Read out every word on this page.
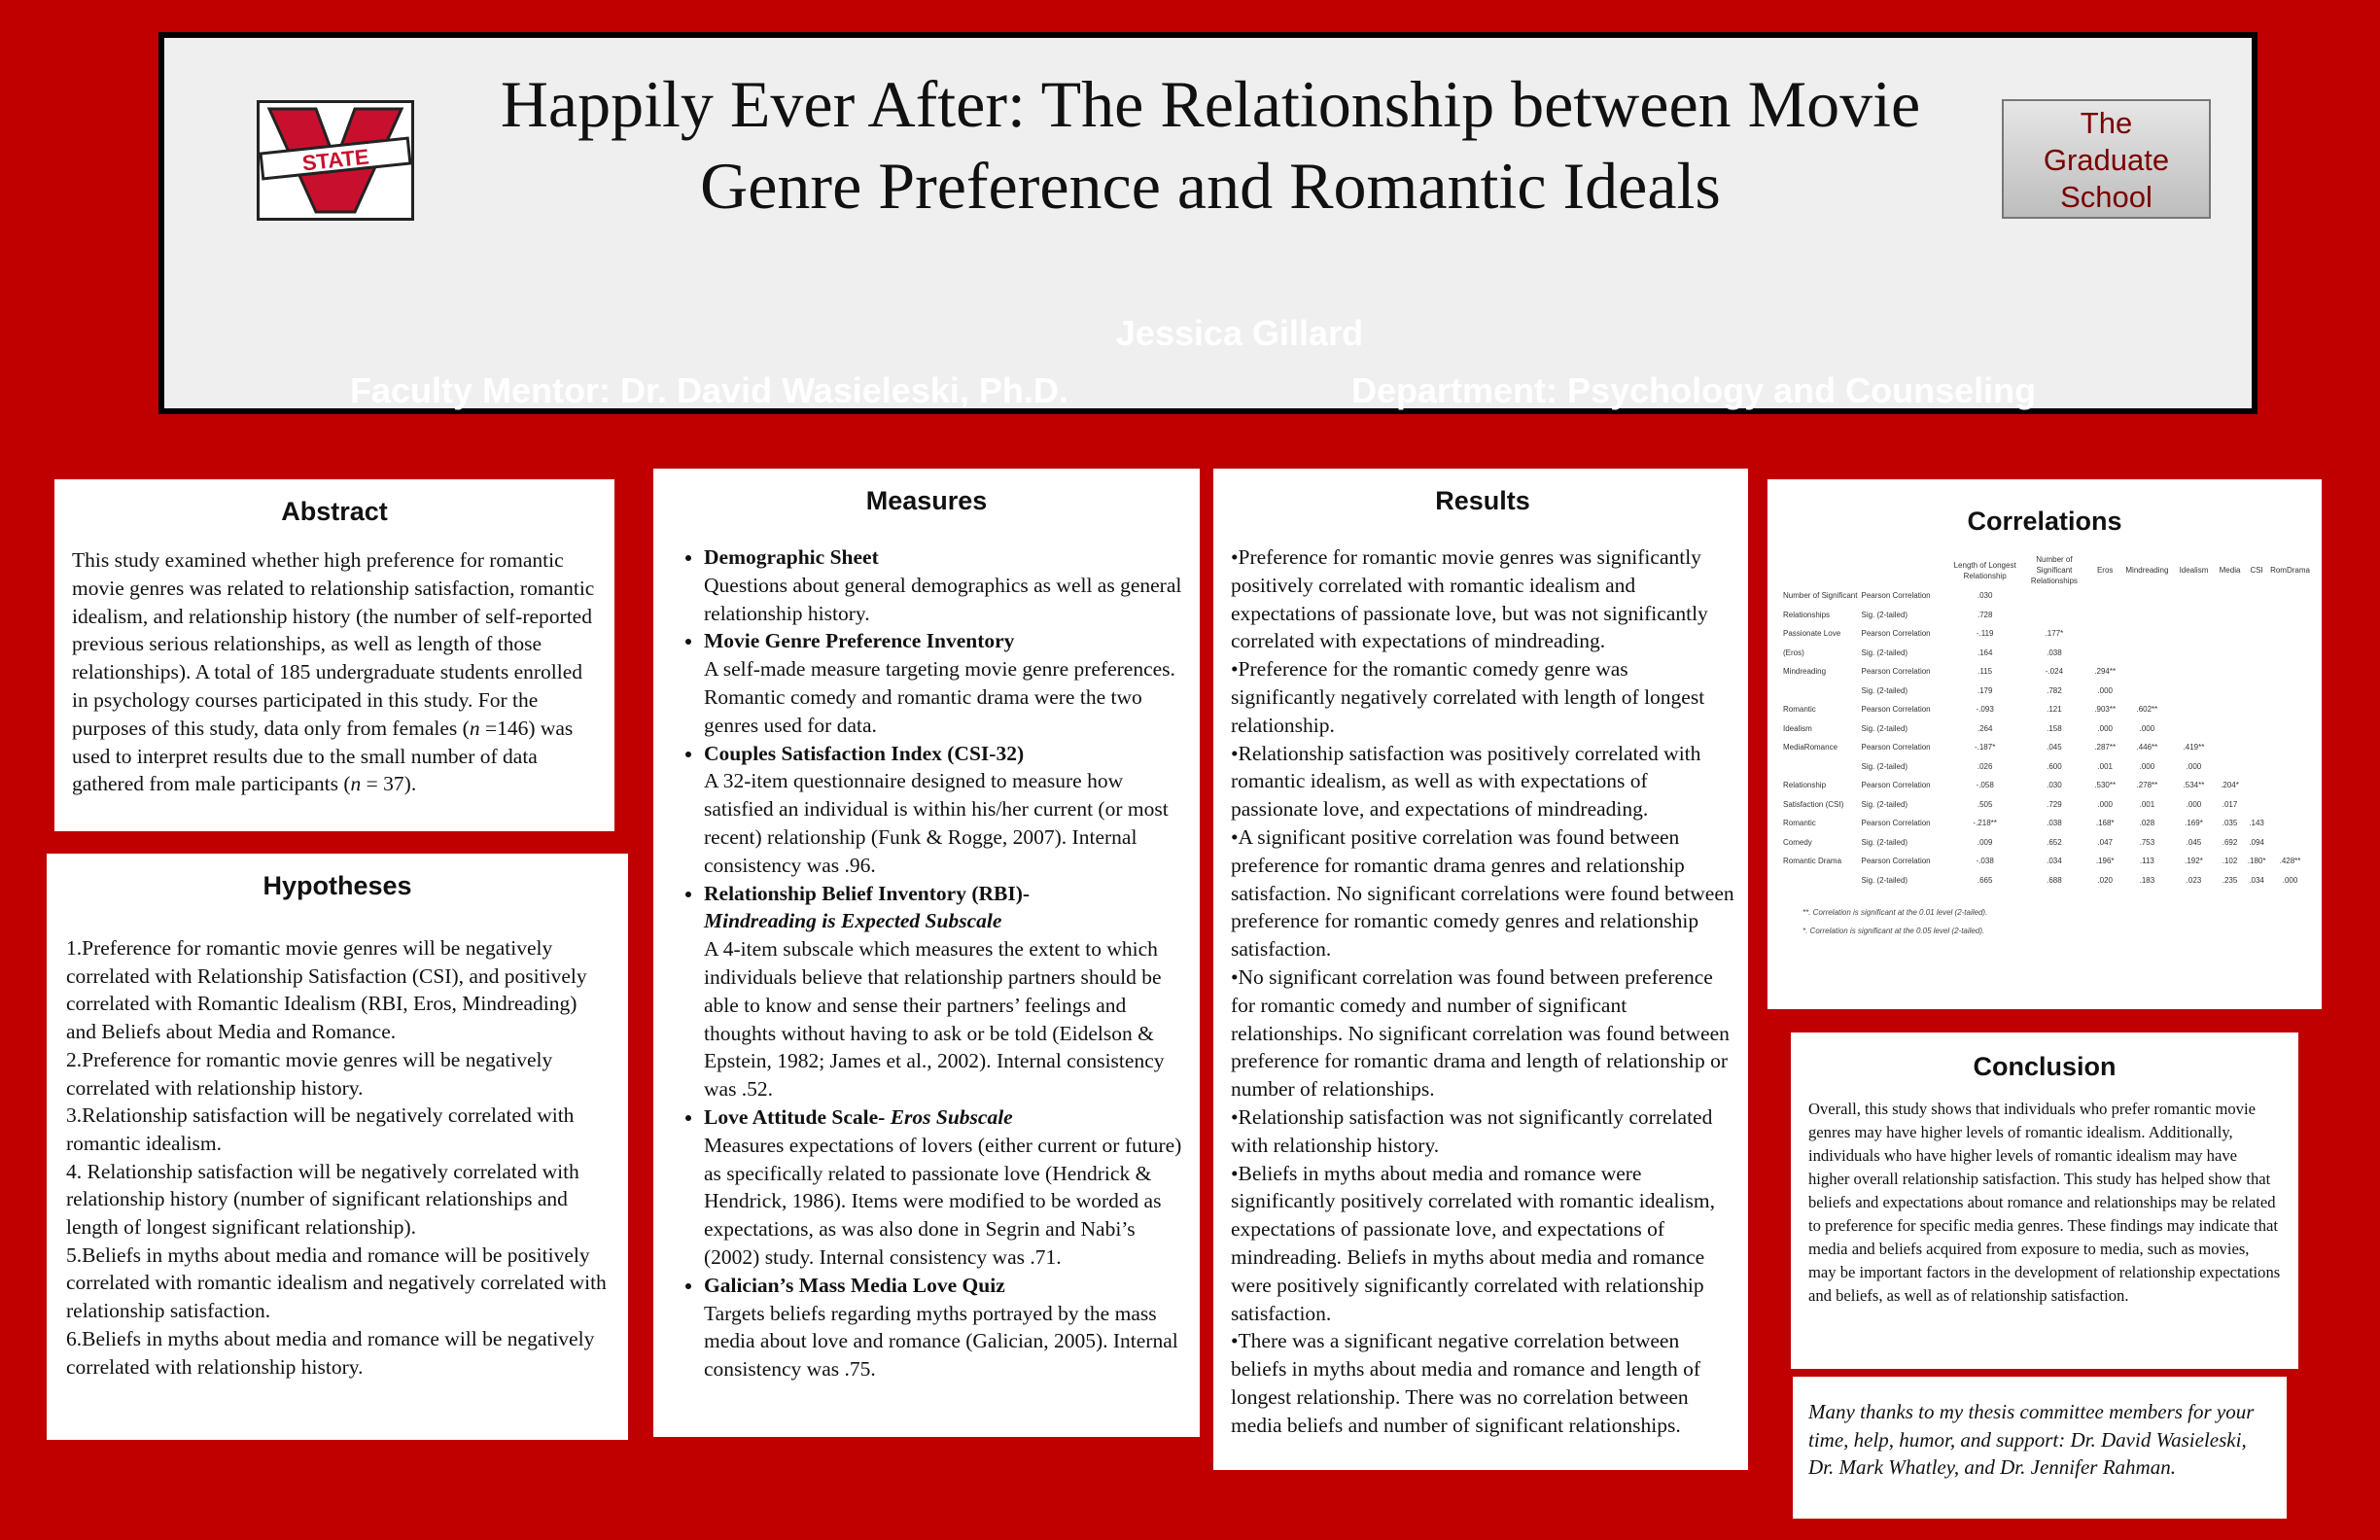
STATE
Happily Ever After: The Relationship between Movie Genre Preference and Romantic Ideals
The
Graduate
School
Jessica Gillard
Faculty Mentor: Dr. David Wasieleski, Ph.D.	Department: Psychology and Counseling
Abstract
This study examined whether high preference for romantic movie genres was related to relationship satisfaction, romantic idealism, and relationship history (the number of self-reported previous serious relationships, as well as length of those relationships). A total of 185 undergraduate students enrolled in psychology courses participated in this study. For the purposes of this study, data only from females (n =146) was used to interpret results due to the small number of data gathered from male participants (n = 37).
Hypotheses
1.Preference for romantic movie genres will be negatively correlated with Relationship Satisfaction (CSI), and positively correlated with Romantic Idealism (RBI, Eros, Mindreading) and Beliefs about Media and Romance.
2.Preference for romantic movie genres will be negatively correlated with relationship history.
3.Relationship satisfaction will be negatively correlated with romantic idealism.
4. Relationship satisfaction will be negatively correlated with relationship history (number of significant relationships and length of longest significant relationship).
5.Beliefs in myths about media and romance will be positively correlated with romantic idealism and negatively correlated with relationship satisfaction.
6.Beliefs in myths about media and romance will be negatively correlated with relationship history.
Measures
• Demographic Sheet
Questions about general demographics as well as general relationship history.
• Movie Genre Preference Inventory
A self-made measure targeting movie genre preferences. Romantic comedy and romantic drama were the two genres used for data.
• Couples Satisfaction Index (CSI-32)
A 32-item questionnaire designed to measure how satisfied an individual is within his/her current (or most recent) relationship (Funk & Rogge, 2007). Internal consistency was .96.
• Relationship Belief Inventory (RBI)-
Mindreading is Expected Subscale
A 4-item subscale which measures the extent to which individuals believe that relationship partners should be able to know and sense their partners’ feelings and thoughts without having to ask or be told (Eidelson & Epstein, 1982; James et al., 2002). Internal consistency was .52.
• Love Attitude Scale- Eros Subscale
Measures expectations of lovers (either current or future) as specifically related to passionate love (Hendrick & Hendrick, 1986). Items were modified to be worded as expectations, as was also done in Segrin and Nabi’s (2002) study. Internal consistency was .71.
• Galician’s Mass Media Love Quiz
Targets beliefs regarding myths portrayed by the mass media about love and romance (Galician, 2005). Internal consistency was .75.
Results
•Preference for romantic movie genres was significantly positively correlated with romantic idealism and expectations of passionate love, but was not significantly correlated with expectations of mindreading.
•Preference for the romantic comedy genre was significantly negatively correlated with length of longest relationship.
•Relationship satisfaction was positively correlated with romantic idealism, as well as with expectations of passionate love, and expectations of mindreading.
•A significant positive correlation was found between preference for romantic drama genres and relationship satisfaction. No significant correlations were found between preference for romantic comedy genres and relationship satisfaction.
•No significant correlation was found between preference for romantic comedy and number of significant relationships. No significant correlation was found between preference for romantic drama and length of relationship or number of relationships.
•Relationship satisfaction was not significantly correlated with relationship history.
•Beliefs in myths about media and romance were significantly positively correlated with romantic idealism, expectations of passionate love, and expectations of mindreading. Beliefs in myths about media and romance were positively significantly correlated with relationship satisfaction.
•There was a significant negative correlation between beliefs in myths about media and romance and length of longest relationship. There was no correlation between media beliefs and number of significant relationships.
Correlations
		Length of Longest Relationship	Number of Significant Relationships	Eros	Mindreading	Idealism	Media	CSI	RomDrama
Number of Significant	Pearson Correlation	.030							
Relationships	Sig. (2-tailed)	.728							
Passionate Love	Pearson Correlation	-.119	.177*						
(Eros)	Sig. (2-tailed)	.164	.038						
Mindreading	Pearson Correlation	.115	-.024	.294**					
	Sig. (2-tailed)	.179	.782	.000					
Romantic	Pearson Correlation	-.093	.121	.903**	.602**				
Idealism	Sig. (2-tailed)	.264	.158	.000	.000				
MediaRomance	Pearson Correlation	-.187*	.045	.287**	.446**	.419**			
	Sig. (2-tailed)	.026	.600	.001	.000	.000			
Relationship	Pearson Correlation	-.058	.030	.530**	.278**	.534**	.204*		
Satisfaction (CSI)	Sig. (2-tailed)	.505	.729	.000	.001	.000	.017		
Romantic	Pearson Correlation	-.218**	.038	.168*	.028	.169*	.035	.143	
Comedy	Sig. (2-tailed)	.009	.652	.047	.753	.045	.692	.094	
Romantic Drama	Pearson Correlation	-.038	.034	.196*	.113	.192*	.102	.180*	.428**
	Sig. (2-tailed)	.665	.688	.020	.183	.023	.235	.034	.000
**. Correlation is significant at the 0.01 level (2-tailed).
*. Correlation is significant at the 0.05 level (2-tailed).
Conclusion
Overall, this study shows that individuals who prefer romantic movie genres may have higher levels of romantic idealism. Additionally, individuals who have higher levels of romantic idealism may have higher overall relationship satisfaction. This study has helped show that beliefs and expectations about romance and relationships may be related to preference for specific media genres. These findings may indicate that media and beliefs acquired from exposure to media, such as movies, may be important factors in the development of relationship expectations and beliefs, as well as of relationship satisfaction.
Many thanks to my thesis committee members for your time, help, humor, and support: Dr. David Wasieleski, Dr. Mark Whatley, and Dr. Jennifer Rahman.
